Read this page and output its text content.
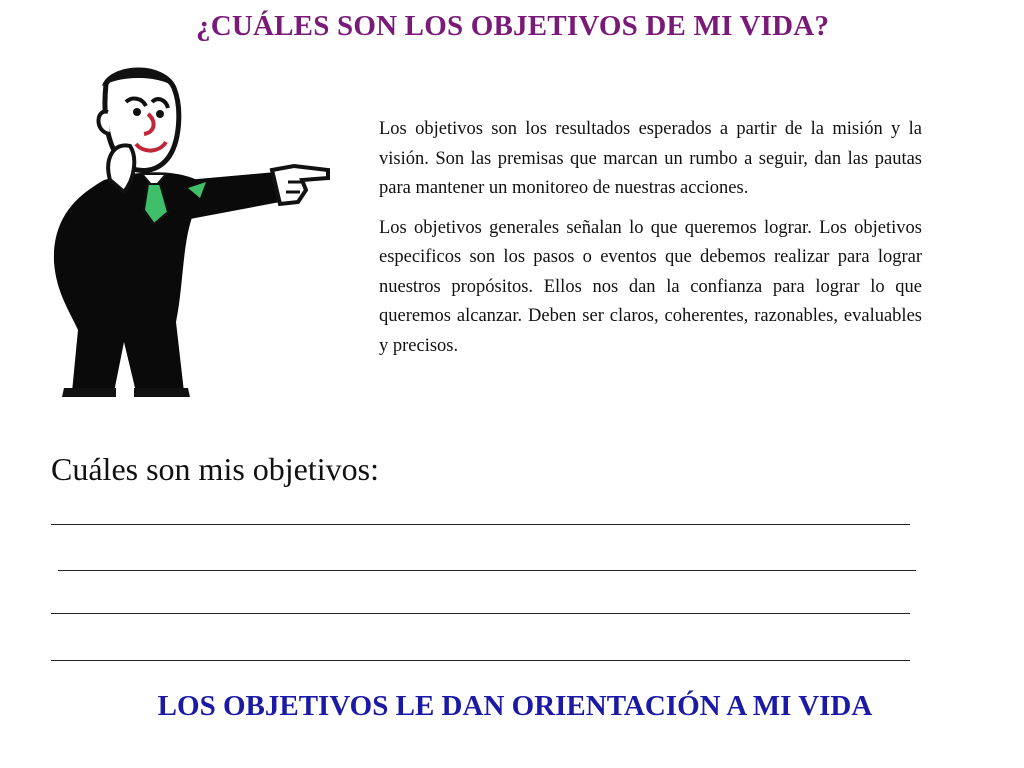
¿CUÁLES SON LOS OBJETIVOS DE MI VIDA?

Los objetivos son los resultados esperados a partir de la misión y la visión. Son las premisas que marcan un rumbo a seguir, dan las pautas para mantener un monitoreo de nuestras acciones.

Los objetivos generales señalan lo que queremos lograr. Los objetivos especificos son los pasos o eventos que debemos realizar para lograr nuestros propósitos. Ellos nos dan la confianza para lograr lo que queremos alcanzar. Deben ser claros, coherentes, razonables, evaluables y precisos.

Cuáles son mis objetivos:
LOS OBJETIVOS LE DAN ORIENTACIÓN A MI VIDA
